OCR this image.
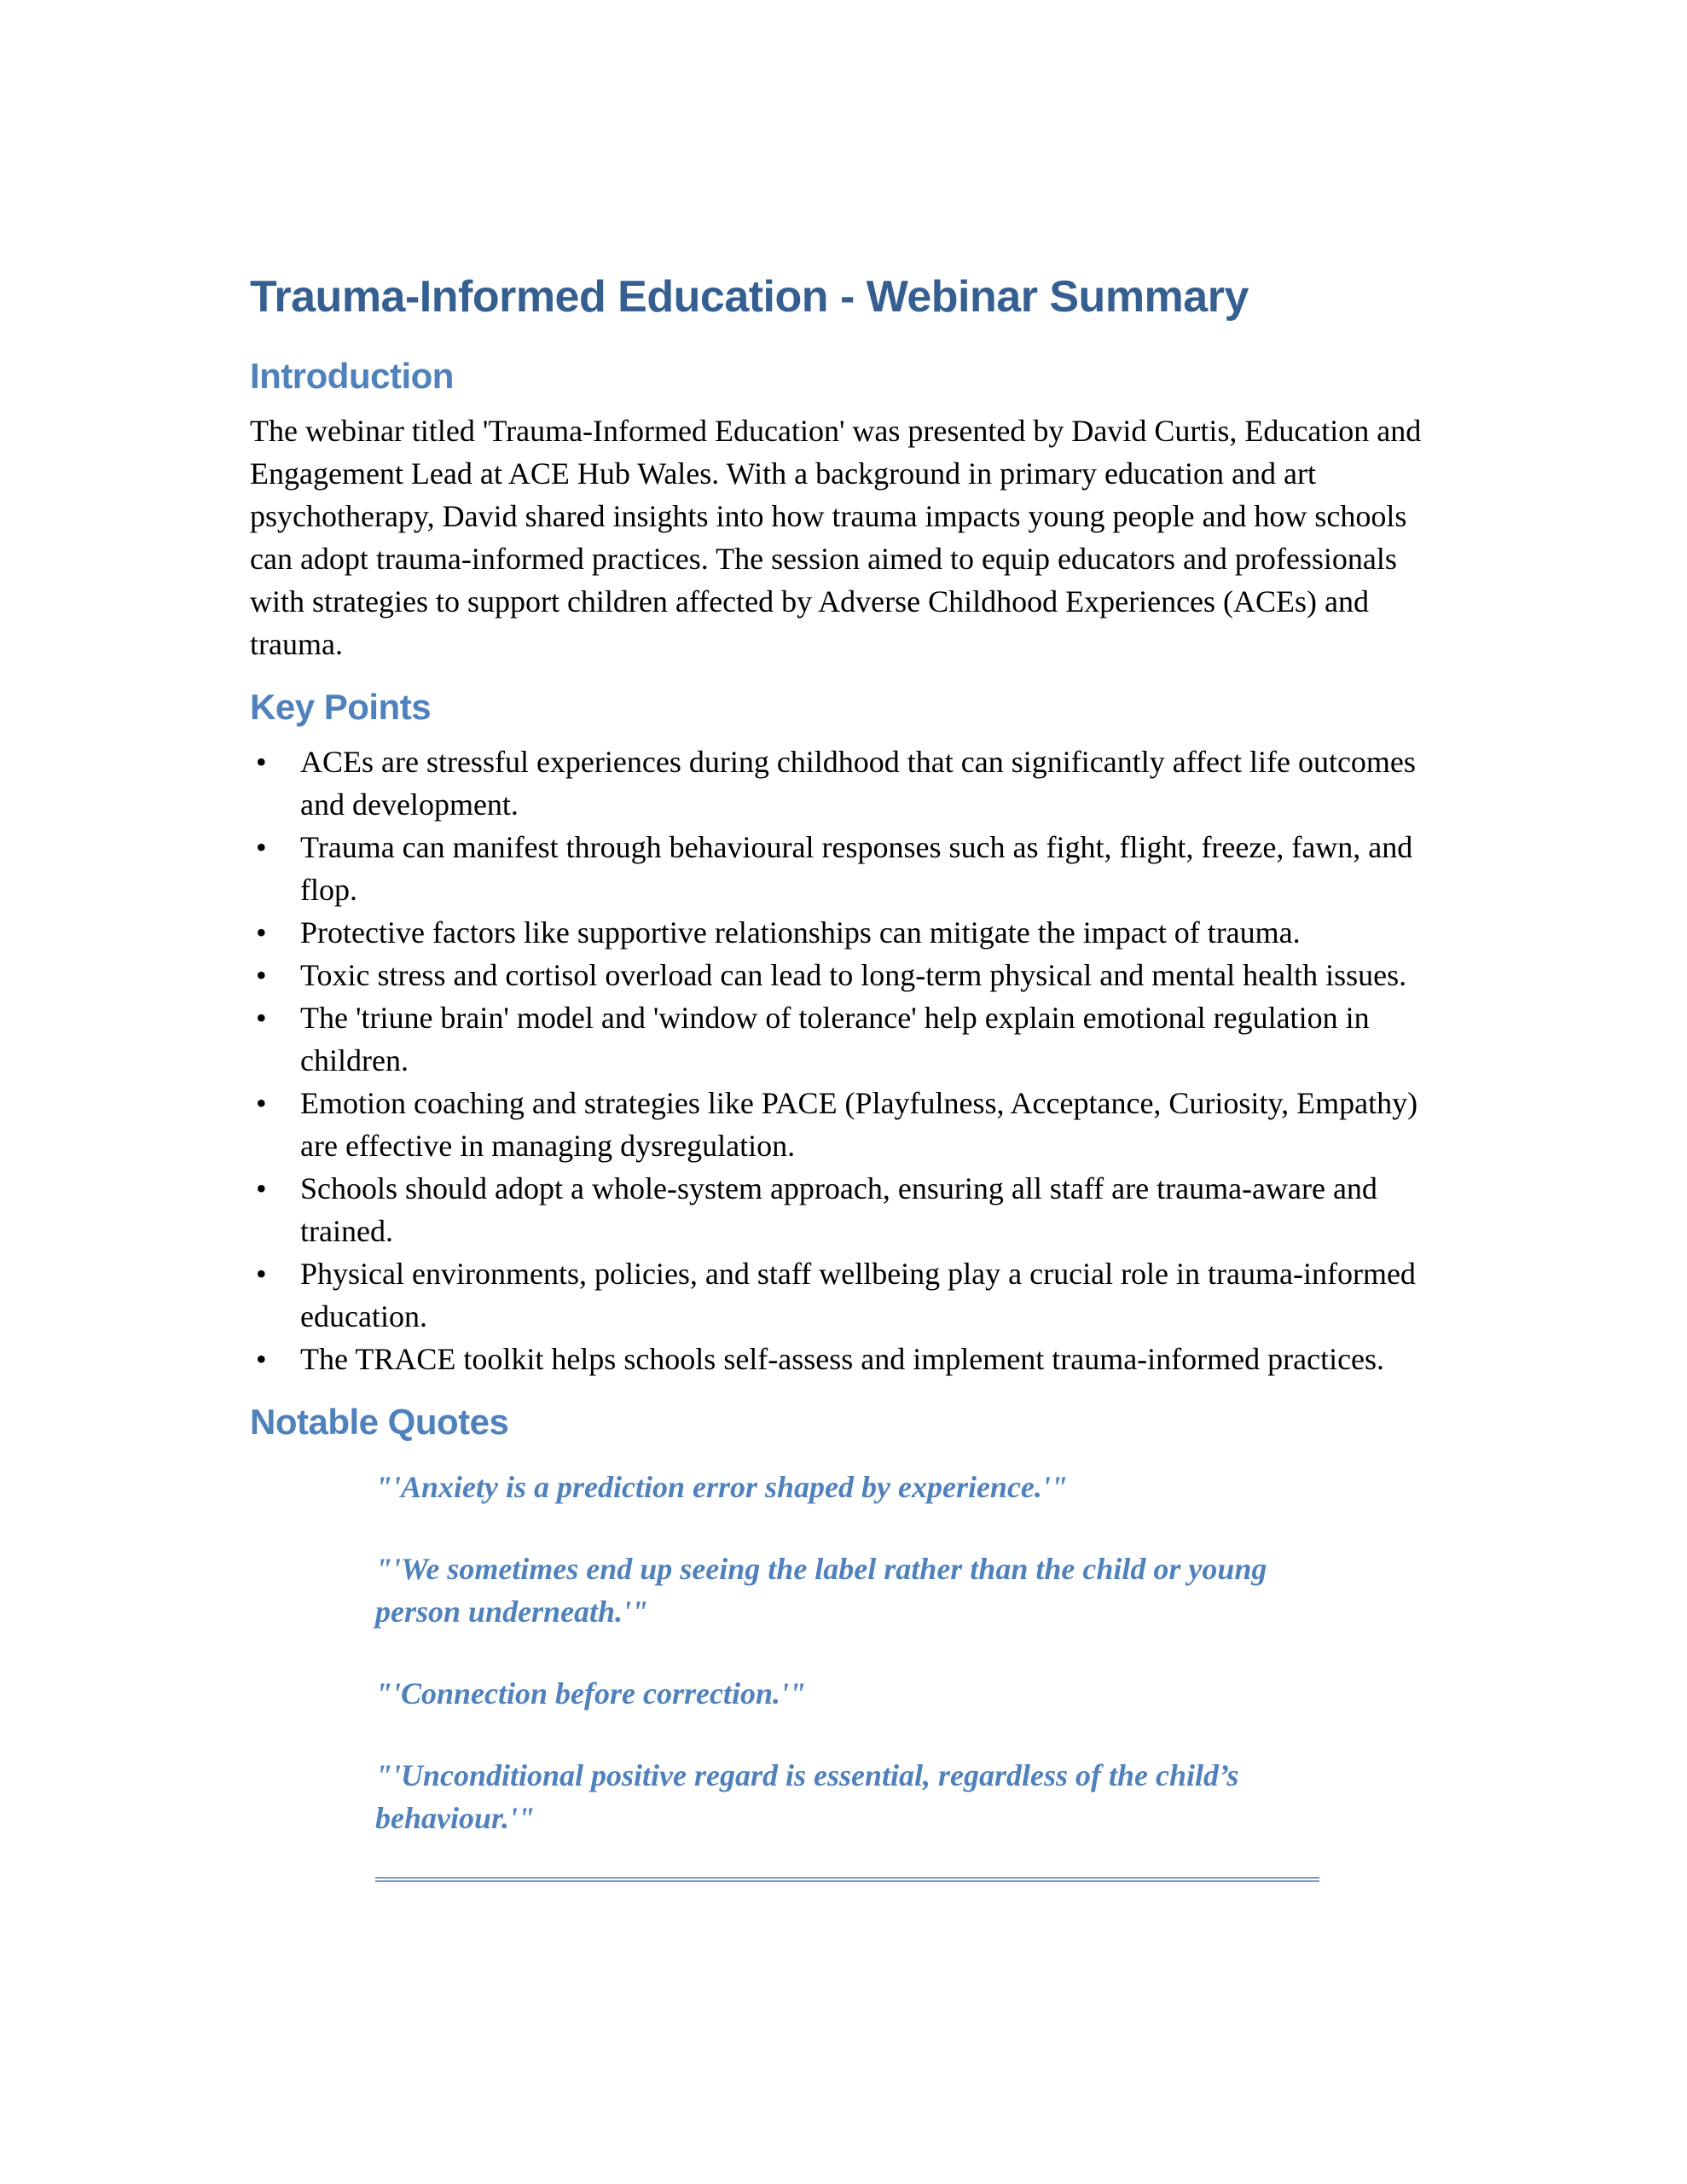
Trauma-Informed Education - Webinar Summary
Introduction

The webinar titled 'Trauma-Informed Education' was presented by David Curtis, Education and Engagement Lead at ACE Hub Wales. With a background in primary education and art psychotherapy, David shared insights into how trauma impacts young people and how schools can adopt trauma-informed practices. The session aimed to equip educators and professionals with strategies to support children affected by Adverse Childhood Experiences (ACEs) and trauma.

Key Points
• ACEs are stressful experiences during childhood that can significantly affect life outcomes and development.
• Trauma can manifest through behavioural responses such as fight, flight, freeze, fawn, and flop.
• Protective factors like supportive relationships can mitigate the impact of trauma.
• Toxic stress and cortisol overload can lead to long-term physical and mental health issues.
• The 'triune brain' model and 'window of tolerance' help explain emotional regulation in children.
• Emotion coaching and strategies like PACE (Playfulness, Acceptance, Curiosity, Empathy) are effective in managing dysregulation.
• Schools should adopt a whole-system approach, ensuring all staff are trauma-aware and trained.
• Physical environments, policies, and staff wellbeing play a crucial role in trauma-informed education.
• The TRACE toolkit helps schools self-assess and implement trauma-informed practices.
Notable Quotes

"'Anxiety is a prediction error shaped by experience.'"

"'We sometimes end up seeing the label rather than the child or young person underneath.'"

"'Connection before correction.'"

"'Unconditional positive regard is essential, regardless of the child’s behaviour.'"
